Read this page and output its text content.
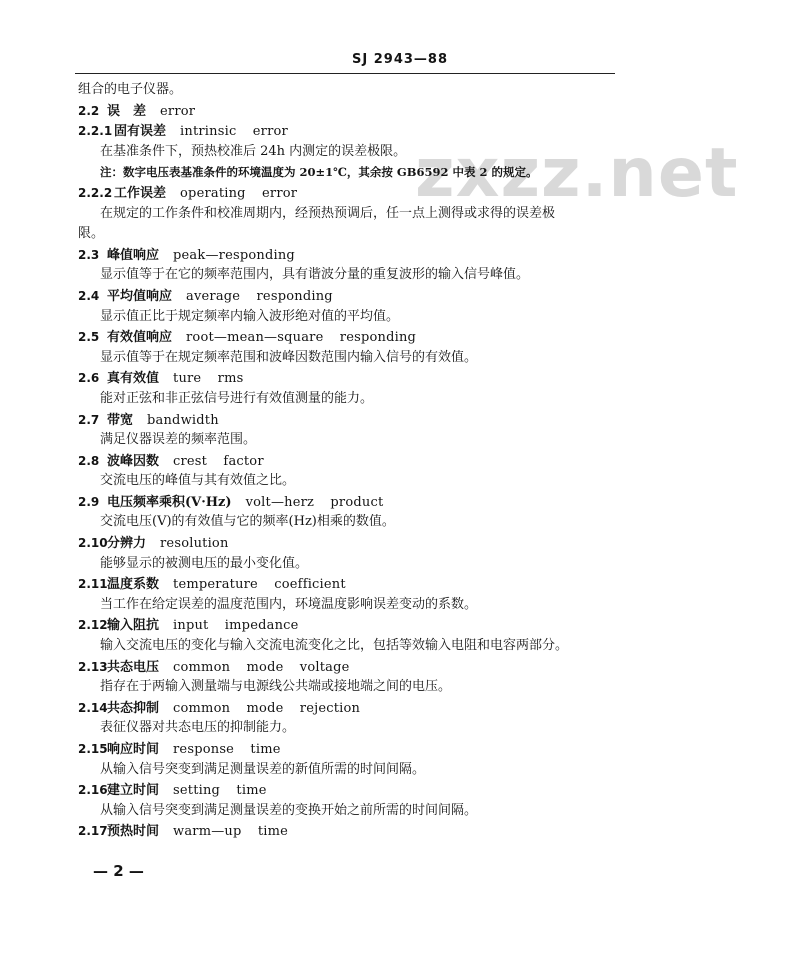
SJ 2943—88
zxzz.net
组合的电子仪器。
2.2 误　差 error
2.2.1 固有误差 intrinsic error
在基准条件下，预热校准后 24h 内测定的误差极限。
注：数字电压表基准条件的环境温度为 20±1℃，其余按 GB6592 中表 2 的规定。
2.2.2 工作误差 operating error
在规定的工作条件和校准周期内，经预热预调后，任一点上测得或求得的误差极
限。
2.3 峰值响应 peak—responding
显示值等于在它的频率范围内，具有谐波分量的重复波形的输入信号峰值。
2.4 平均值响应 average responding
显示值正比于规定频率内输入波形绝对值的平均值。
2.5 有效值响应 root—mean—square responding
显示值等于在规定频率范围和波峰因数范围内输入信号的有效值。
2.6 真有效值 ture rms
能对正弦和非正弦信号进行有效值测量的能力。
2.7 带宽 bandwidth
满足仪器误差的频率范围。
2.8 波峰因数 crest factor
交流电压的峰值与其有效值之比。
2.9 电压频率乘积(V·Hz) volt—herz product
交流电压(V)的有效值与它的频率(Hz)相乘的数值。
2.10分辨力 resolution
能够显示的被测电压的最小变化值。
2.11温度系数 temperature coefficient
当工作在给定误差的温度范围内，环境温度影响误差变动的系数。
2.12输入阻抗 input impedance
输入交流电压的变化与输入交流电流变化之比，包括等效输入电阻和电容两部分。
2.13共态电压 common mode voltage
指存在于两输入测量端与电源线公共端或接地端之间的电压。
2.14共态抑制 common mode rejection
表征仪器对共态电压的抑制能力。
2.15响应时间 response time
从输入信号突变到满足测量误差的新值所需的时间间隔。
2.16建立时间 setting time
从输入信号突变到满足测量误差的变换开始之前所需的时间间隔。
2.17预热时间 warm—up time
— 2 —
